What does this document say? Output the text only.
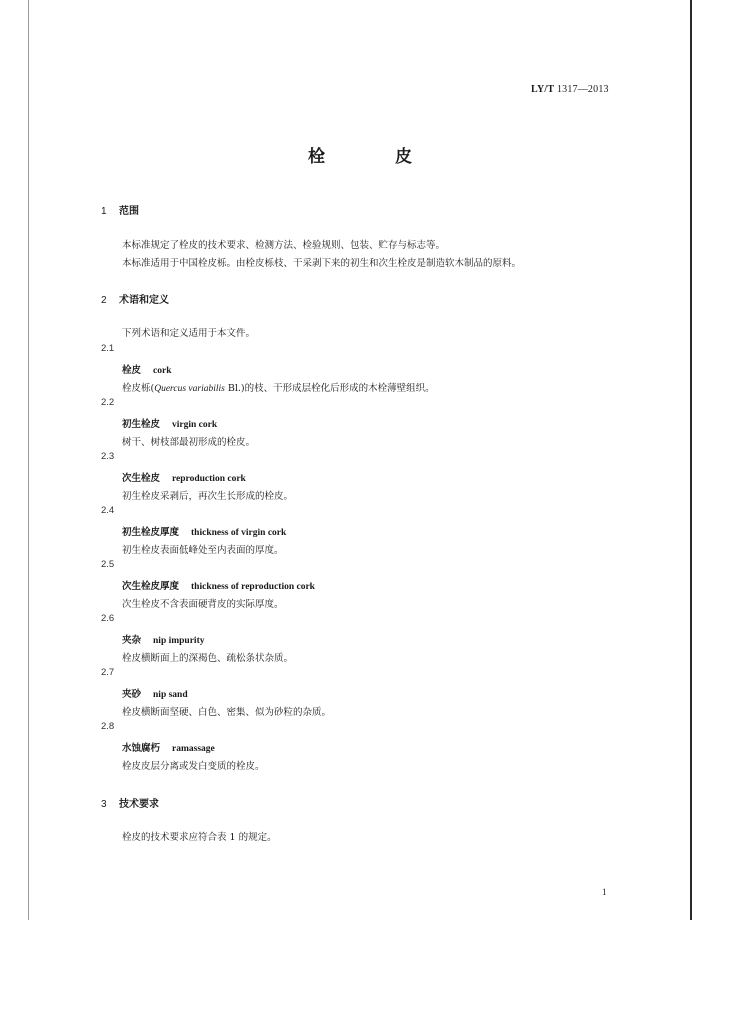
LY/T 1317—2013
栓皮
1 范围
本标准规定了栓皮的技术要求、检测方法、检验规则、包装、贮存与标志等。
本标准适用于中国栓皮栎。由栓皮栎枝、干采剥下来的初生和次生栓皮是制造软木制品的原料。
2 术语和定义
下列术语和定义适用于本文件。
2.1
栓皮 cork
栓皮栎(Quercus variabilis Bl.)的枝、干形成层栓化后形成的木栓薄壁组织。
2.2
初生栓皮 virgin cork
树干、树枝部最初形成的栓皮。
2.3
次生栓皮 reproduction cork
初生栓皮采剥后，再次生长形成的栓皮。
2.4
初生栓皮厚度 thickness of virgin cork
初生栓皮表面低峰处至内表面的厚度。
2.5
次生栓皮厚度 thickness of reproduction cork
次生栓皮不含表面硬背皮的实际厚度。
2.6
夹杂 nip impurity
栓皮横断面上的深褐色、疏松条状杂质。
2.7
夹砂 nip sand
栓皮横断面坚硬、白色、密集、似为砂粒的杂质。
2.8
水蚀腐朽 ramassage
栓皮皮层分离或发白变质的栓皮。
3 技术要求
栓皮的技术要求应符合表 1 的规定。
1
